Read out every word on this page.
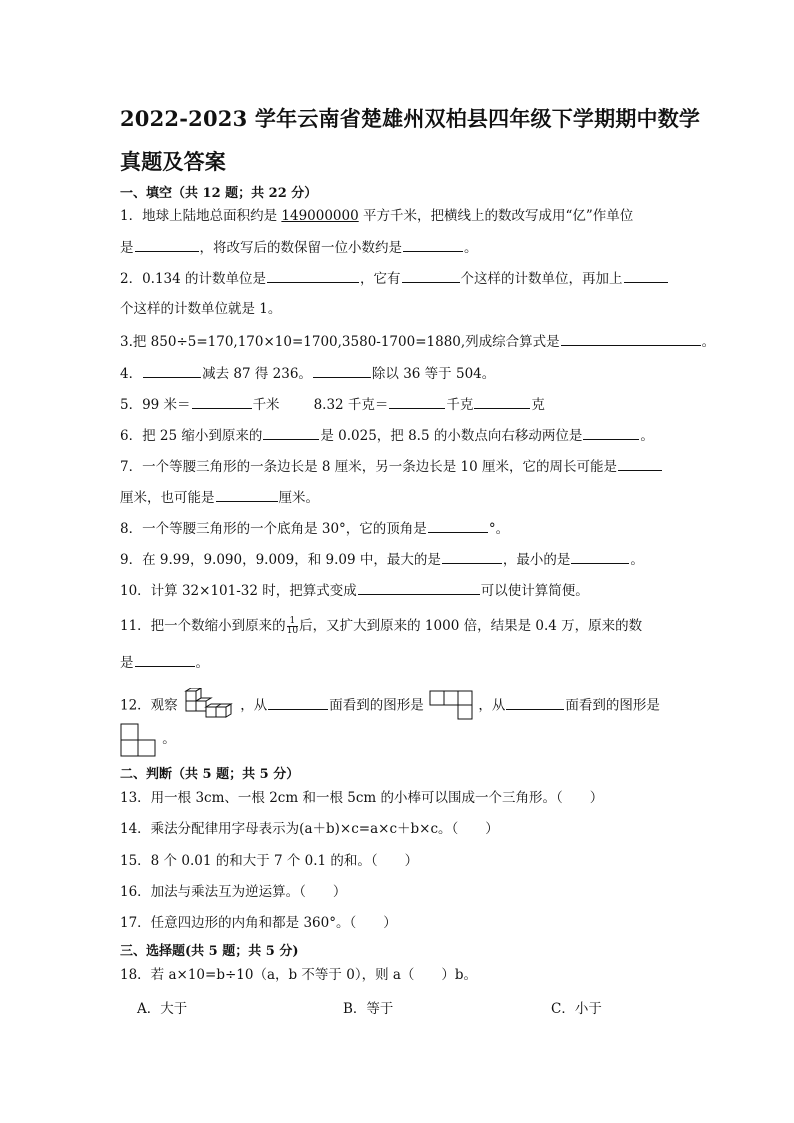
2022-2023 学年云南省楚雄州双柏县四年级下学期期中数学
真题及答案
一、填空（共 12 题；共 22 分）
1．地球上陆地总面积约是 149000000 平方千米，把横线上的数改写成用“亿”作单位
是	，将改写后的数保留一位小数约是	。
2．0.134 的计数单位是	，它有	个这样的计数单位，再加上
个这样的计数单位就是 1。
3.把 850÷5=170,170×10=1700,3580-1700=1880,列成综合算式是	。
4．	减去 87 得 236。	除以 36 等于 504。
5．99 米＝	千米	8.32 千克＝	千克	克
6．把 25 缩小到原来的	是 0.025，把 8.5 的小数点向右移动两位是	。
7．一个等腰三角形的一条边长是 8 厘米，另一条边长是 10 厘米，它的周长可能是
厘米，也可能是	厘米。
8．一个等腰三角形的一个底角是 30°，它的顶角是	°。
9．在 9.99，9.090，9.009，和 9.09 中，最大的是	，最小的是	。
10．计算 32×101-32 时，把算式变成	可以使计算简便。
11．把一个数缩小到原来的 $\frac{1}{10}$ 后，又扩大到原来的 1000 倍，结果是 0.4 万，原来的数
是	。
12．观察	，从	面看到的图形是	，从	面看到的图形是
。
二、判断（共 5 题；共 5 分）
13．用一根 3cm、一根 2cm 和一根 5cm 的小棒可以围成一个三角形。（　　）
14．乘法分配律用字母表示为(a＋b)×c=a×c＋b×c。（　　）
15．8 个 0.01 的和大于 7 个 0.1 的和。（　　）
16．加法与乘法互为逆运算。（　　）
17．任意四边形的内角和都是 360°。（　　）
三、选择题(共 5 题；共 5 分)
18．若 a×10=b÷10（a，b 不等于 0），则 a（　　）b。
A．大于	B．等于	C．小于
